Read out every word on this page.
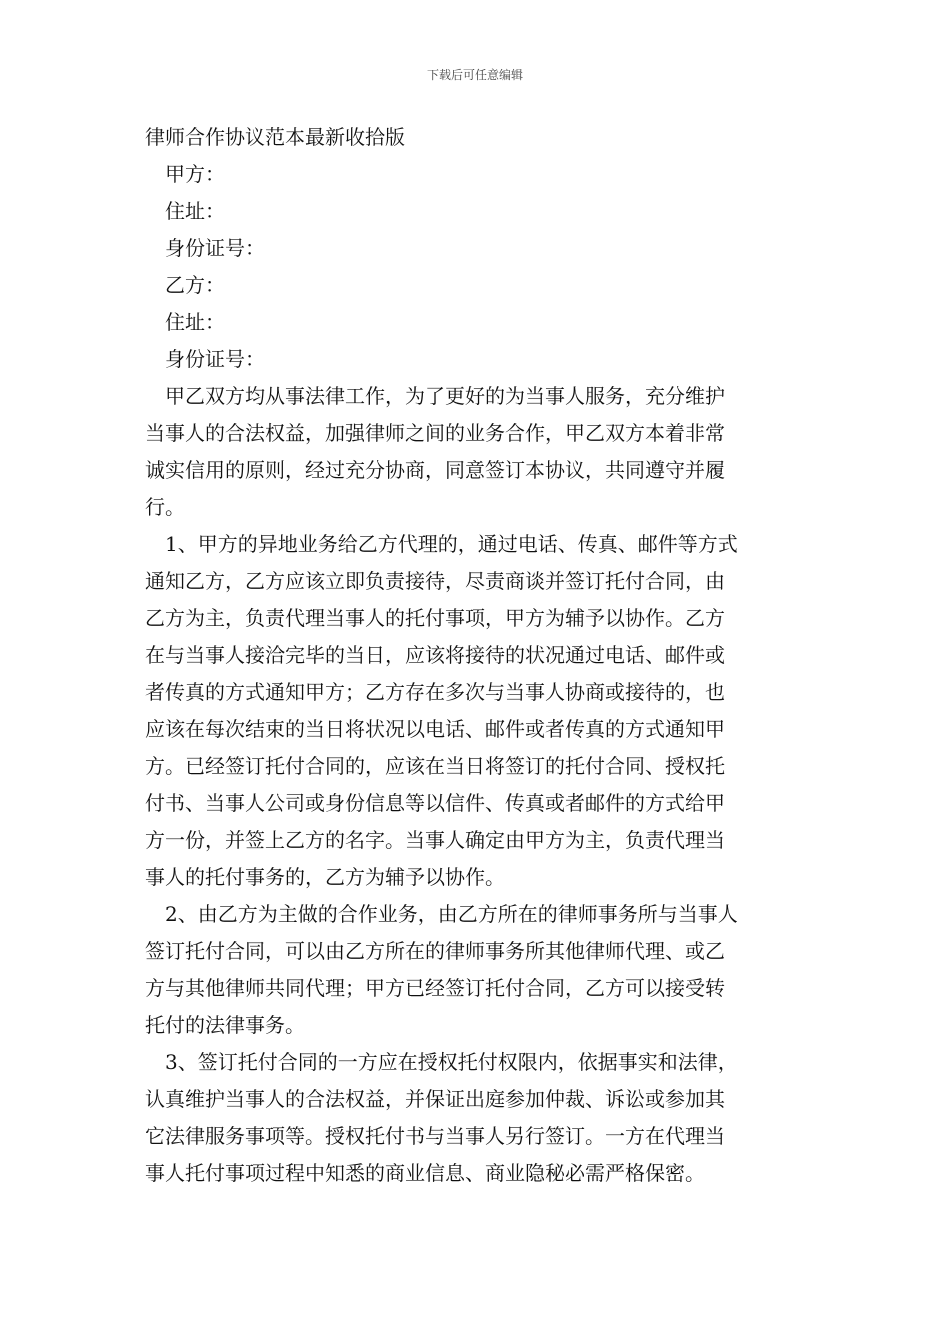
下载后可任意编辑
律师合作协议范本最新收拾版
甲方：
住址：
身份证号：
乙方：
住址：
身份证号：

甲乙双方均从事法律工作，为了更好的为当事人服务，充分维护
当事人的合法权益，加强律师之间的业务合作，甲乙双方本着非常
诚实信用的原则，经过充分协商，同意签订本协议，共同遵守并履
行。

1、甲方的异地业务给乙方代理的，通过电话、传真、邮件等方式
通知乙方，乙方应该立即负责接待，尽责商谈并签订托付合同，由
乙方为主，负责代理当事人的托付事项，甲方为辅予以协作。乙方
在与当事人接洽完毕的当日，应该将接待的状况通过电话、邮件或
者传真的方式通知甲方；乙方存在多次与当事人协商或接待的，也
应该在每次结束的当日将状况以电话、邮件或者传真的方式通知甲
方。已经签订托付合同的，应该在当日将签订的托付合同、授权托
付书、当事人公司或身份信息等以信件、传真或者邮件的方式给甲
方一份，并签上乙方的名字。当事人确定由甲方为主，负责代理当
事人的托付事务的，乙方为辅予以协作。

2、由乙方为主做的合作业务，由乙方所在的律师事务所与当事人
签订托付合同，可以由乙方所在的律师事务所其他律师代理、或乙
方与其他律师共同代理；甲方已经签订托付合同，乙方可以接受转
托付的法律事务。

3、签订托付合同的一方应在授权托付权限内，依据事实和法律，
认真维护当事人的合法权益，并保证出庭参加仲裁、诉讼或参加其
它法律服务事项等。授权托付书与当事人另行签订。一方在代理当
事人托付事项过程中知悉的商业信息、商业隐秘必需严格保密。
